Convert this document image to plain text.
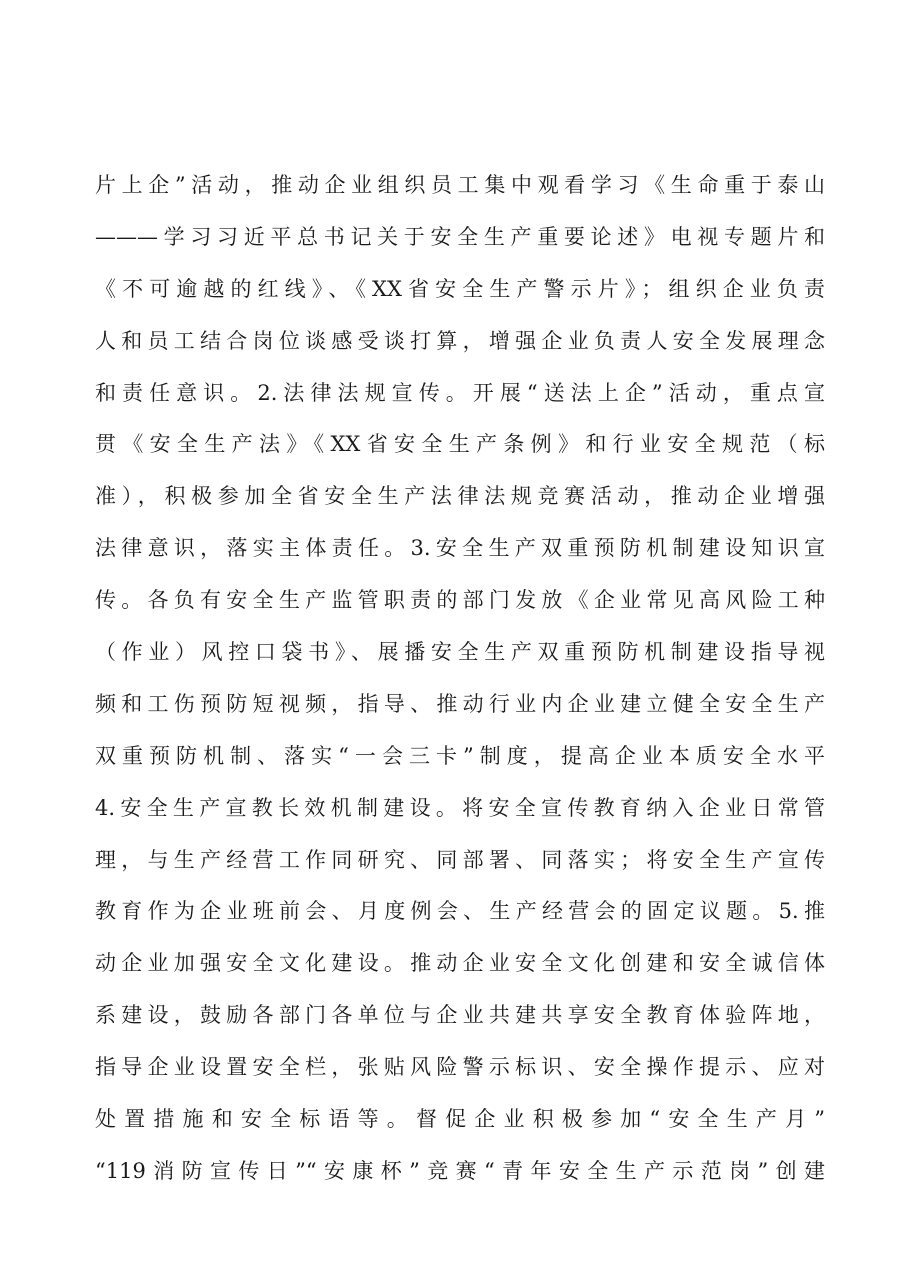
片上企”活动，推动企业组织员工集中观看学习《生命重于泰山
———学习习近平总书记关于安全生产重要论述》电视专题片和
《不可逾越的红线》、《XX省安全生产警示片》；组织企业负责
人和员工结合岗位谈感受谈打算，增强企业负责人安全发展理念
和责任意识。2.法律法规宣传。开展“送法上企”活动，重点宣
贯《安全生产法》《XX省安全生产条例》和行业安全规范（标
准），积极参加全省安全生产法律法规竞赛活动，推动企业增强
法律意识，落实主体责任。3.安全生产双重预防机制建设知识宣
传。各负有安全生产监管职责的部门发放《企业常见高风险工种
（作业）风控口袋书》、展播安全生产双重预防机制建设指导视
频和工伤预防短视频，指导、推动行业内企业建立健全安全生产
双重预防机制、落实“一会三卡”制度，提高企业本质安全水平
4.安全生产宣教长效机制建设。将安全宣传教育纳入企业日常管
理，与生产经营工作同研究、同部署、同落实；将安全生产宣传
教育作为企业班前会、月度例会、生产经营会的固定议题。5.推
动企业加强安全文化建设。推动企业安全文化创建和安全诚信体
系建设，鼓励各部门各单位与企业共建共享安全教育体验阵地，
指导企业设置安全栏，张贴风险警示标识、安全操作提示、应对
处置措施和安全标语等。督促企业积极参加“安全生产月”
“119消防宣传日”“安康杯”竞赛“青年安全生产示范岗”创建
